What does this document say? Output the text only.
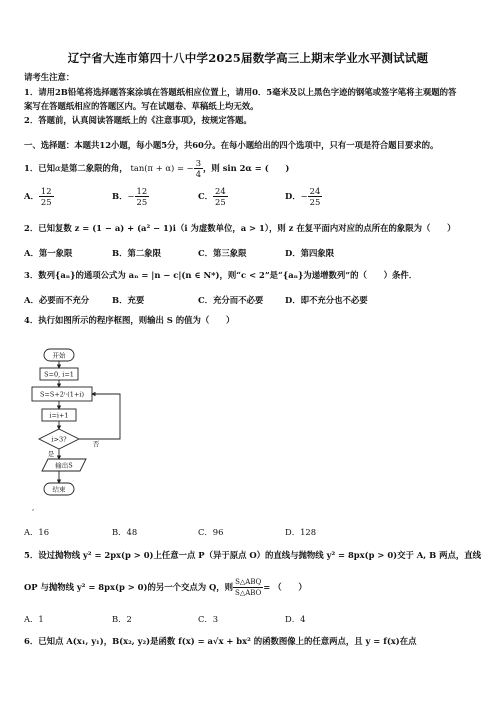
辽宁省大连市第四十八中学2025届数学高三上期末学业水平测试试题
请考生注意：
1．请用2B铅笔将选择题答案涂填在答题纸相应位置上，请用0．5毫米及以上黑色字迹的钢笔或签字笔将主观题的答
案写在答题纸相应的答题区内。写在试题卷、草稿纸上均无效。
2．答题前，认真阅读答题纸上的《注意事项》，按规定答题。
一、选择题：本题共12小题，每小题5分，共60分。在每小题给出的四个选项中，只有一项是符合题目要求的。
1．已知α是第二象限的角， tan(π + α) = − $\frac{3}{4}$ ，则 sin 2α = (　　)
A． $\frac{12}{25}$	B．− $\frac{12}{25}$	C． $\frac{24}{25}$	D．− $\frac{24}{25}$
2．已知复数 z = (1 − a) + (a² − 1)i（i 为虚数单位，a > 1），则 z 在复平面内对应的点所在的象限为（　　）
A．第一象限	B．第二象限	C．第三象限	D．第四象限
3．数列{aₙ}的通项公式为 aₙ = |n − c|(n ∈ N*)，则“c < 2”是“{aₙ}为递增数列”的（　　）条件．
A．必要而不充分	B．充要	C．充分而不必要	D．即不充分也不必要
4．执行如图所示的程序框图，则输出 S 的值为（　　）
开始
S=0, i=1
S=S+2ⁱ·(1+i)
i=i+1
i>3?
否
是
输出S
结束
,
A．16	B．48	C．96	D．128
5．设过抛物线 y² = 2px(p > 0)上任意一点 P（异于原点 O）的直线与抛物线 y² = 8px(p > 0)交于 A, B 两点，直线
OP 与抛物线 y² = 8px(p > 0)的另一个交点为 Q，则 $\frac{\text{S△ABQ}}{\text{S△ABO}}$ = （　　）
A．1	B．2	C．3	D．4
6．已知点 A(x₁, y₁)，B(x₂, y₂)是函数 f(x) = a√x + bx² 的函数图像上的任意两点，且 y = f(x)在点
